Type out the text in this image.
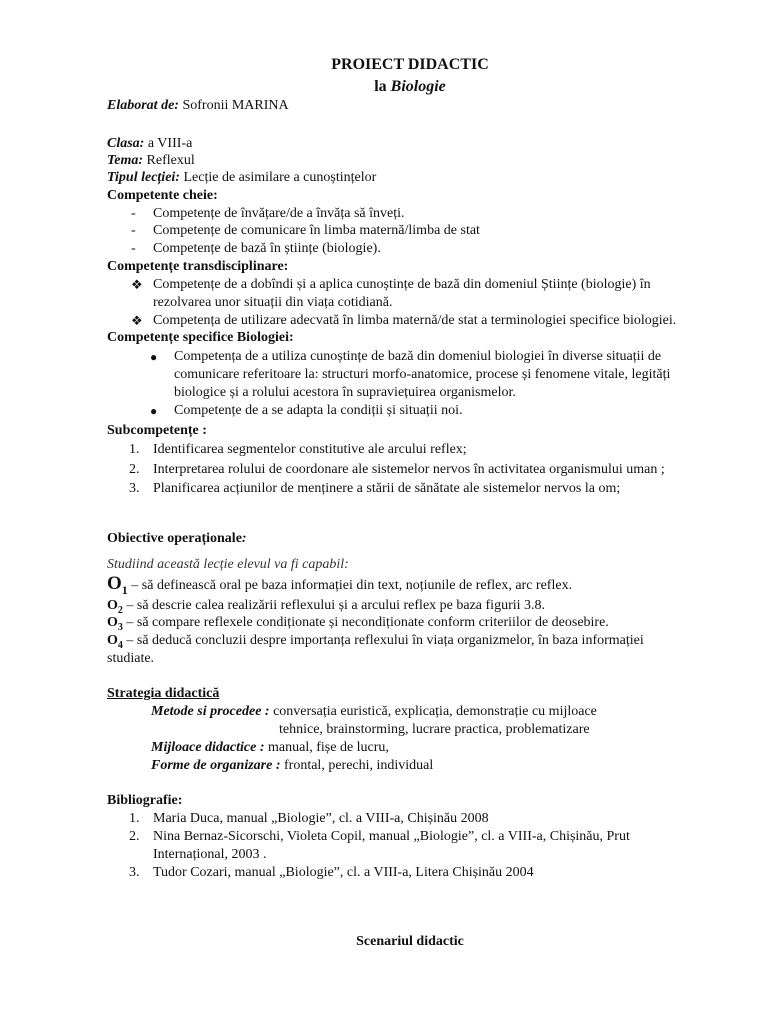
PROIECT DIDACTIC
la Biologie
Elaborat de: Sofronii MARINA
Clasa: a VIII-a
Tema: Reflexul
Tipul lecției: Lecție de asimilare a cunoștințelor
Competente cheie:
- Competențe de învățare/de a învăța să înveți.
- Competențe de comunicare în limba maternă/limba de stat
- Competențe de bază în științe (biologie).
Competențe transdisciplinare:
❖ Competențe de a dobîndi și a aplica cunoștințe de bază din domeniul Științe (biologie) în
rezolvarea unor situații din viața cotidiană.
❖ Competența de utilizare adecvată în limba maternă/de stat a terminologiei specifice biologiei.
Competențe specifice Biologiei:
● Competența de a utiliza cunoștințe de bază din domeniul biologiei în diverse situații de
comunicare referitoare la: structuri morfo-anatomice, procese și fenomene vitale, legități
biologice și a rolului acestora în supraviețuirea organismelor.
● Competențe de a se adapta la condiții și situații noi.
Subcompetențe :
1. Identificarea segmentelor constitutive ale arcului reflex;
2. Interpretarea rolului de coordonare ale sistemelor nervos în activitatea organismului uman ;
3. Planificarea acțiunilor de menținere a stării de sănătate ale sistemelor nervos la om;
Obiective operaționale:
Studiind această lecție elevul va fi capabil:
$O_1$ – să definească oral pe baza informației din text, noțiunile de reflex, arc reflex.
$O_2$ – să descrie calea realizării reflexului și a arcului reflex pe baza figurii 3.8.
$O_3$ – să compare reflexele condiționate și necondiționate conform criteriilor de deosebire.
$O_4$ – să deducă concluzii despre importanța reflexului în viața organizmelor, în baza informației
studiate.
Strategia didactică
Metode si procedee : conversația euristică, explicația, demonstrație cu mijloace
tehnice, brainstorming, lucrare practica, problematizare
Mijloace didactice : manual, fișe de lucru,
Forme de organizare : frontal, perechi, individual
Bibliografie:
1. Maria Duca, manual „Biologie”, cl. a VIII-a, Chișinău 2008
2. Nina Bernaz-Sicorschi, Violeta Copil, manual „Biologie”, cl. a VIII-a, Chișinău, Prut
Internațional, 2003 .
3. Tudor Cozari, manual „Biologie”, cl. a VIII-a, Litera Chișinău 2004
Scenariul didactic
